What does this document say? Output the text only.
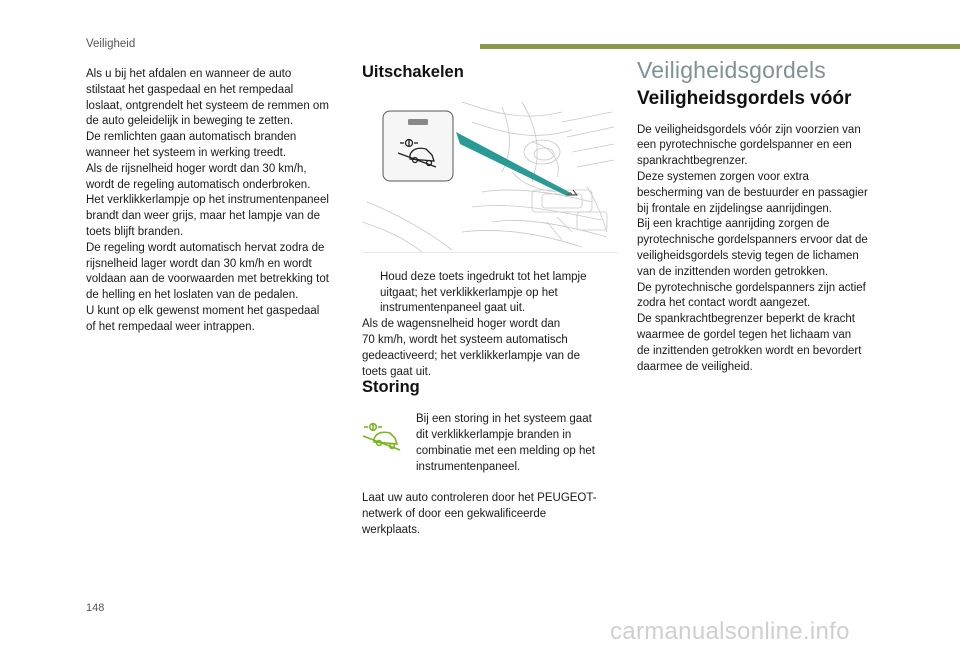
Veiligheid

Als u bij het afdalen en wanneer de auto

stilstaat het gaspedaal en het rempedaal

loslaat, ontgrendelt het systeem de remmen om

de auto geleidelijk in beweging te zetten.

De remlichten gaan automatisch branden

wanneer het systeem in werking treedt.

Als de rijsnelheid hoger wordt dan 30 km/h,

wordt de regeling automatisch onderbroken.

Het verklikkerlampje op het instrumentenpaneel

brandt dan weer grijs, maar het lampje van de

toets blijft branden.

De regeling wordt automatisch hervat zodra de

rijsnelheid lager wordt dan 30 km/h en wordt

voldaan aan de voorwaarden met betrekking tot

de helling en het loslaten van de pedalen.

U kunt op elk gewenst moment het gaspedaal

of het rempedaal weer intrappen.

Uitschakelen

Houd deze toets ingedrukt tot het lampje

uitgaat; het verklikkerlampje op het

instrumentenpaneel gaat uit.

Als de wagensnelheid hoger wordt dan

70 km/h, wordt het systeem automatisch

gedeactiveerd; het verklikkerlampje van de

toets gaat uit.

Storing

Bij een storing in het systeem gaat

dit verklikkerlampje branden in

combinatie met een melding op het

instrumentenpaneel.

Laat uw auto controleren door het PEUGEOT-

netwerk of door een gekwalificeerde

werkplaats.

Veiligheidsgordels
Veiligheidsgordels vóór

De veiligheidsgordels vóór zijn voorzien van

een pyrotechnische gordelspanner en een

spankrachtbegrenzer.

Deze systemen zorgen voor extra

bescherming van de bestuurder en passagier

bij frontale en zijdelingse aanrijdingen.

Bij een krachtige aanrijding zorgen de

pyrotechnische gordelspanners ervoor dat de

veiligheidsgordels stevig tegen de lichamen

van de inzittenden worden getrokken.

De pyrotechnische gordelspanners zijn actief

zodra het contact wordt aangezet.

De spankrachtbegrenzer beperkt de kracht

waarmee de gordel tegen het lichaam van

de inzittenden getrokken wordt en bevordert

daarmee de veiligheid.

148
carmanualsonline.info
